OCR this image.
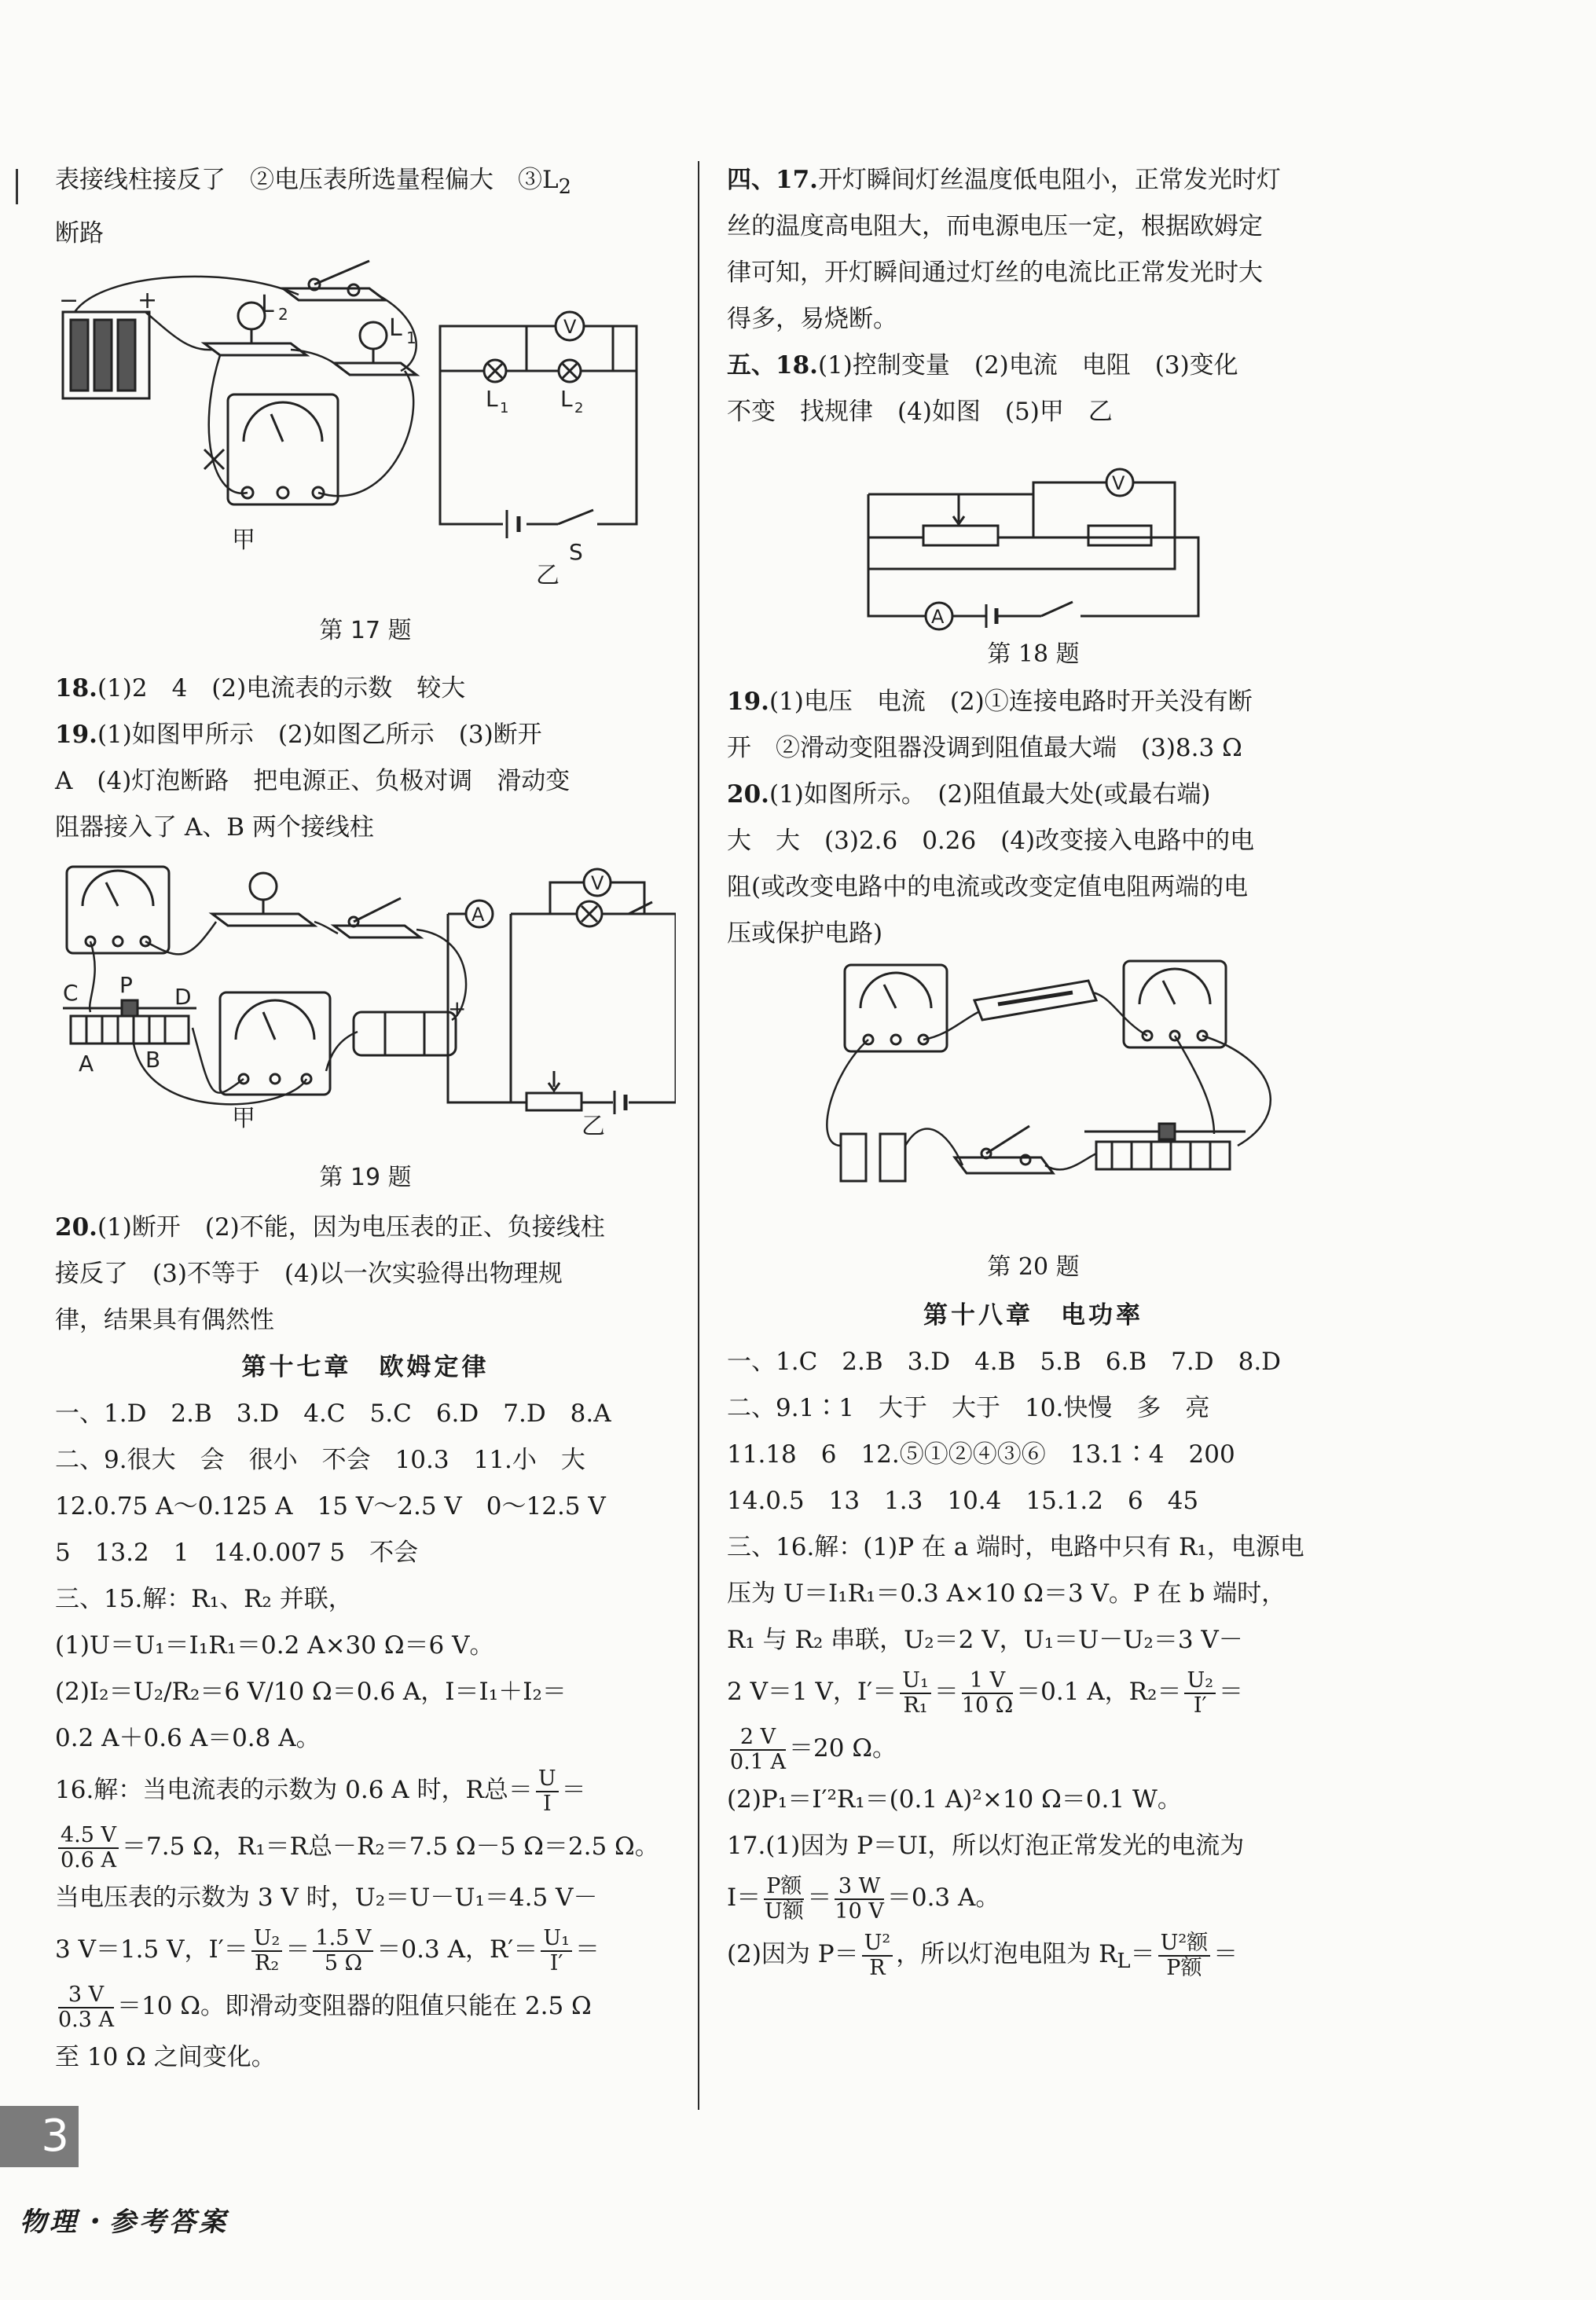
表接线柱接反了　②电压表所选量程偏大　$③L_2$

断路

− +	L 2	L 1
甲
V
L 1 L 2
S
乙
第 17 题

18.(1)2　4　(2)电流表的示数　较大

19.(1)如图甲所示　(2)如图乙所示　(3)断开

A　(4)灯泡断路　把电源正、负极对调　滑动变

阻器接入了 A、B 两个接线柱

C P D
A B
+
甲
A
V
乙
第 19 题

20.(1)断开　(2)不能，因为电压表的正、负接线柱

接反了　(3)不等于　(4)以一次实验得出物理规

律，结果具有偶然性

第十七章　欧姆定律

一、1.D　2.B　3.D　4.C　5.C　6.D　7.D　8.A

二、9.很大　会　很小　不会　10.3　11.小　大

12.0.75 A～0.125 A　15 V～2.5 V　0～12.5 V

5　13.2　1　14.0.007 5　不会

三、15.解：R₁、R₂ 并联，

(1)U＝U₁＝I₁R₁＝0.2 A×30 Ω＝6 V。

(2)I₂＝U₂/R₂＝6 V/10 Ω＝0.6 A，I＝I₁＋I₂＝

0.2 A＋0.6 A＝0.8 A。

16.解：当电流表的示数为 0.6 A 时，R总＝ $\frac{U}{I}$ ＝

$\frac{4.5 V}{0.6 A} =7.5$ Ω，R₁＝R总－R₂＝7.5 Ω－5 Ω＝2.5 Ω。

当电压表的示数为 3 V 时，U₂＝U－U₁＝4.5 V－

3 V＝1.5 V，$I'= \frac{\text{U₂}}{\text{R₂}} = \frac{1.5 V}{5 \Omega} =0.3$ A，$R'= \frac{\text{U₁}}{I'}$ ＝

$\frac{3 V}{0.3 A} =10$ Ω。即滑动变阻器的阻值只能在 2.5 Ω

至 10 Ω 之间变化。

四、17.开灯瞬间灯丝温度低电阻小，正常发光时灯

丝的温度高电阻大，而电源电压一定，根据欧姆定

律可知，开灯瞬间通过灯丝的电流比正常发光时大

得多，易烧断。

五、18.(1)控制变量　(2)电流　电阻　(3)变化

不变　找规律　(4)如图　(5)甲　乙

V
A
第 18 题

19.(1)电压　电流　(2)①连接电路时开关没有断

开　②滑动变阻器没调到阻值最大端　(3)8.3 Ω

20.(1)如图所示。　(2)阻值最大处(或最右端)

大　大　(3)2.6　0.26　(4)改变接入电路中的电

阻(或改变电路中的电流或改变定值电阻两端的电

压或保护电路)

第 20 题
第十八章　电功率

一、1.C　2.B　3.D　4.B　5.B　6.B　7.D　8.D

二、9.1∶1　大于　大于　10.快慢　多　亮

11.18　6　12.⑤①②④③⑥　13.1∶4　200

14.0.5　13　1.3　10.4　15.1.2　6　45

三、16.解：(1)P 在 a 端时，电路中只有 R₁，电源电

压为 U＝I₁R₁＝0.3 A×10 Ω＝3 V。P 在 b 端时，

R₁ 与 R₂ 串联，U₂＝2 V，U₁＝U－U₂＝3 V－

2 V＝1 V，$I'= \frac{\text{U₁}}{\text{R₁}} = \frac{1 V}{10 \Omega} =0.1$ A，$R_2= \frac{\text{U₂}}{I'}$ ＝

$\frac{2 V}{0.1 A} =20$ Ω。

(2)P₁＝I′²R₁＝(0.1 A)²×10 Ω＝0.1 W。

17.(1)因为 P＝UI，所以灯泡正常发光的电流为

$I= \frac{\text{P额}}{\text{U额}} = \frac{3 W}{10 V} =0.3$ A。

(2)因为 $P= \frac{\text{U²}}{R}$ ，所以灯泡电阻为 $R_L= \frac{\text{U²额}}{\text{P额}}$ ＝

3
物理・参考答案
